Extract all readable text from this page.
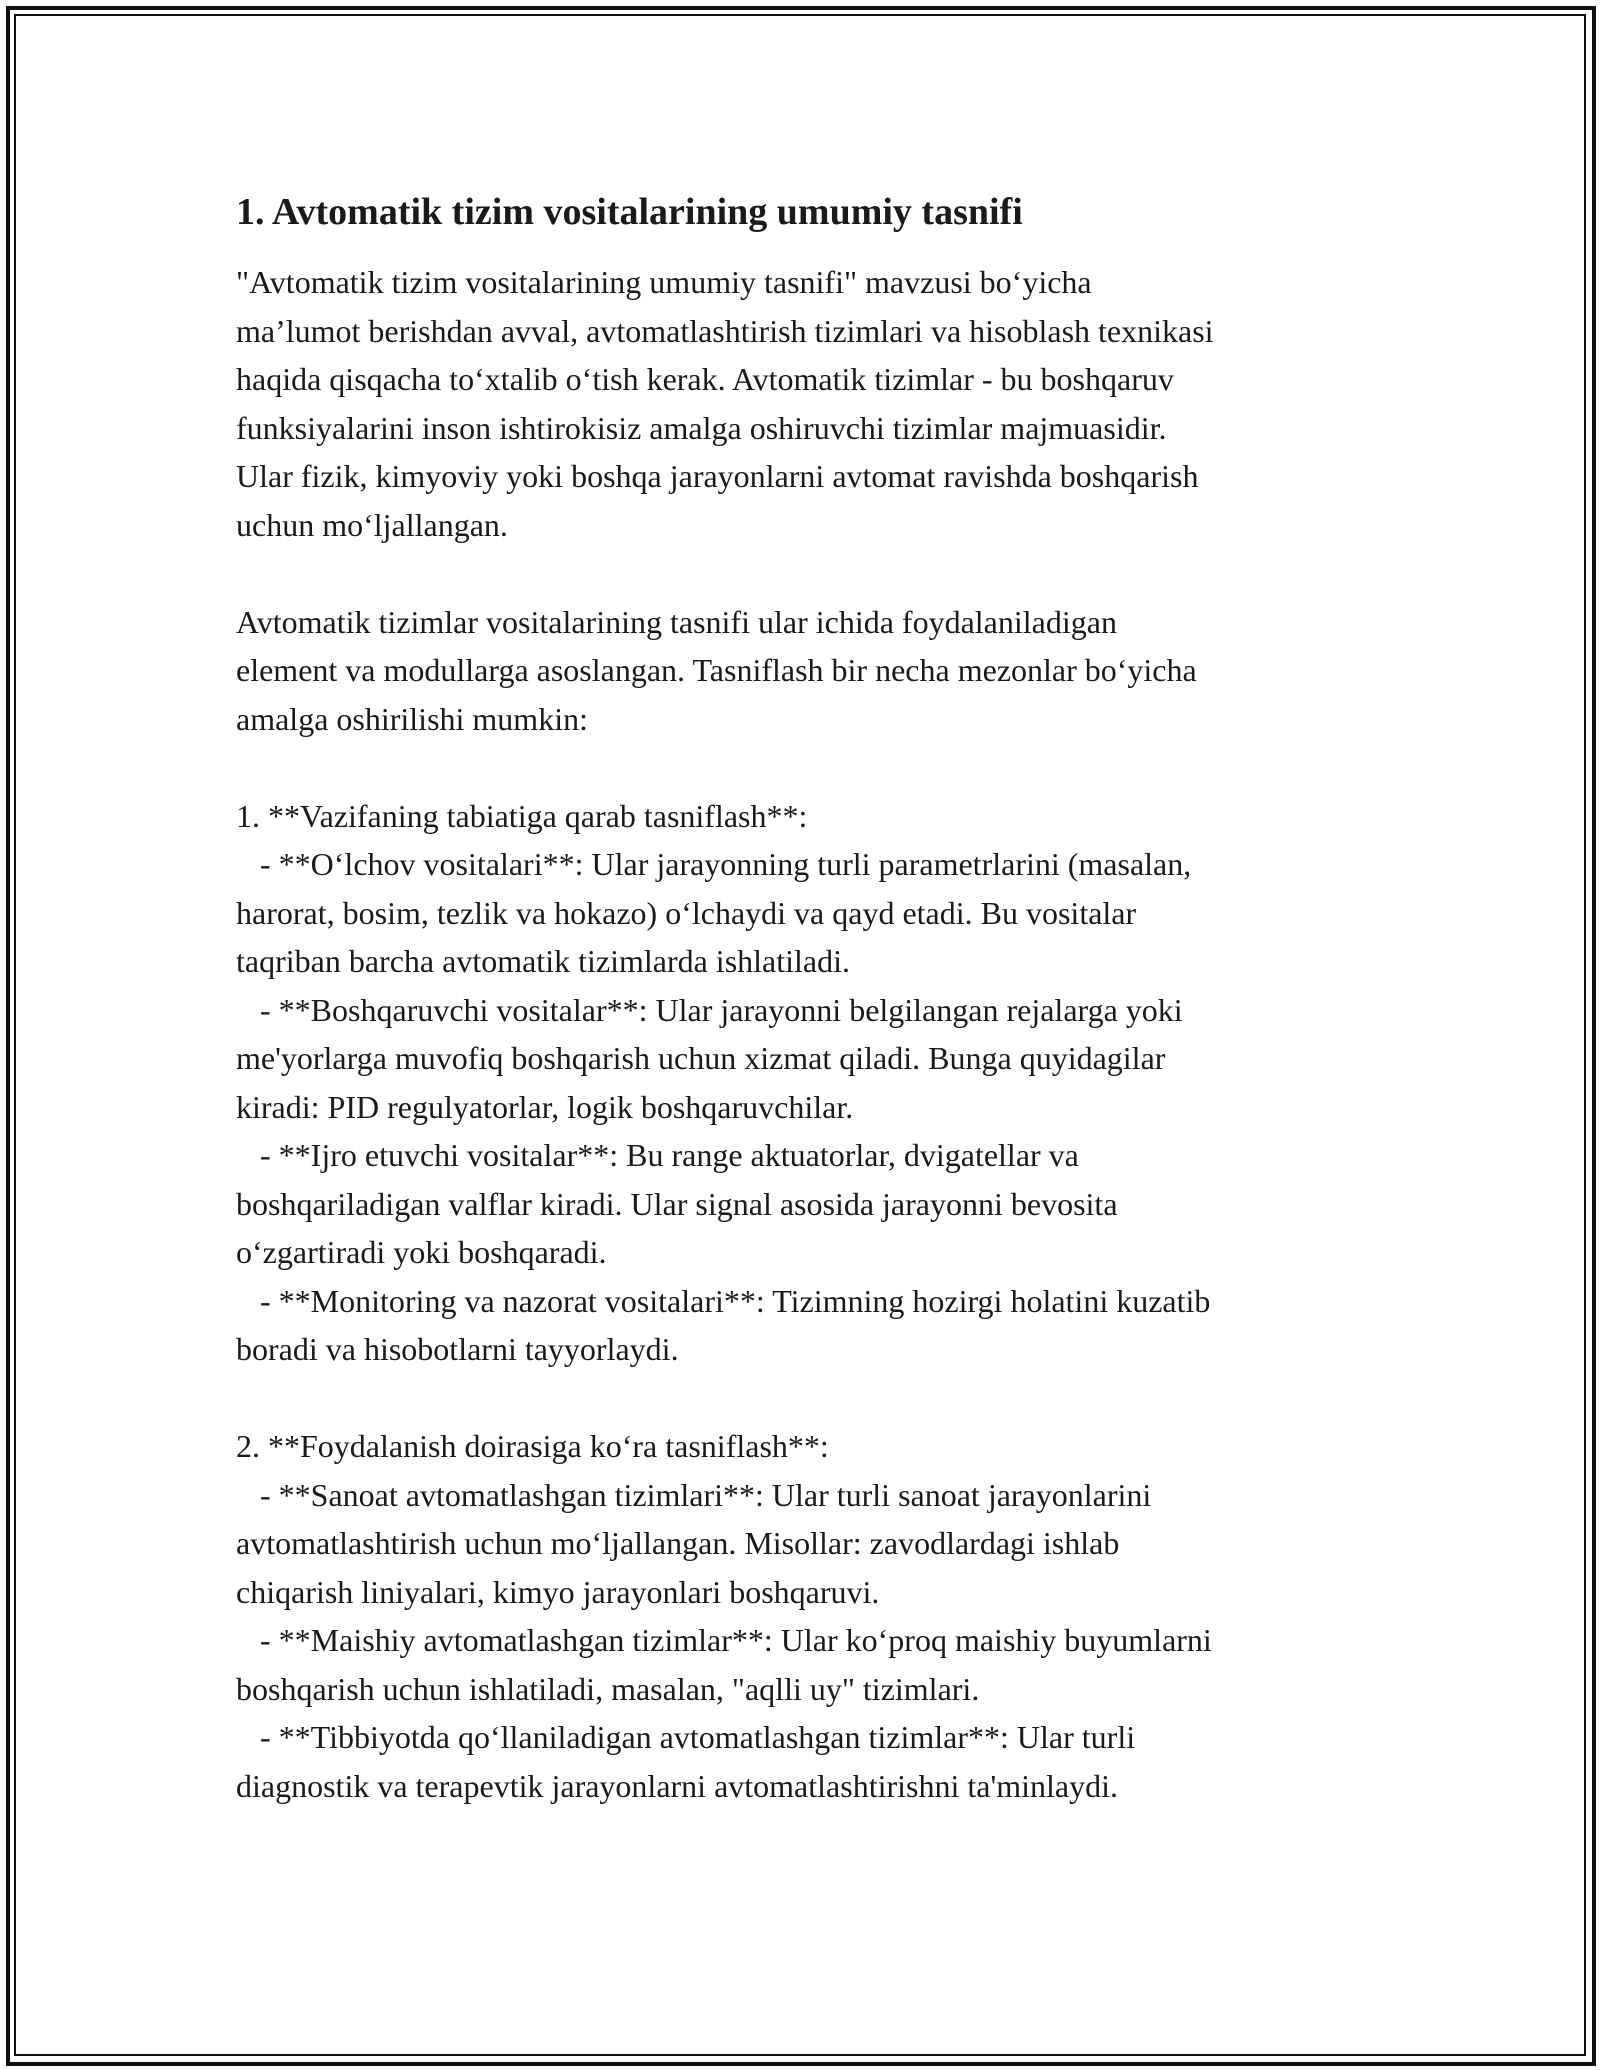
1. Avtomatik tizim vositalarining umumiy tasnifi

"Avtomatik tizim vositalarining umumiy tasnifi" mavzusi bo‘yicha
ma’lumot berishdan avval, avtomatlashtirish tizimlari va hisoblash texnikasi
haqida qisqacha to‘xtalib o‘tish kerak. Avtomatik tizimlar - bu boshqaruv
funksiyalarini inson ishtirokisiz amalga oshiruvchi tizimlar majmuasidir.
Ular fizik, kimyoviy yoki boshqa jarayonlarni avtomat ravishda boshqarish
uchun mo‘ljallangan.

Avtomatik tizimlar vositalarining tasnifi ular ichida foydalaniladigan
element va modullarga asoslangan. Tasniflash bir necha mezonlar bo‘yicha
amalga oshirilishi mumkin:

1. **Vazifaning tabiatiga qarab tasniflash**:
- **O‘lchov vositalari**: Ular jarayonning turli parametrlarini (masalan,
harorat, bosim, tezlik va hokazo) o‘lchaydi va qayd etadi. Bu vositalar
taqriban barcha avtomatik tizimlarda ishlatiladi.
- **Boshqaruvchi vositalar**: Ular jarayonni belgilangan rejalarga yoki
me'yorlarga muvofiq boshqarish uchun xizmat qiladi. Bunga quyidagilar
kiradi: PID regulyatorlar, logik boshqaruvchilar.
- **Ijro etuvchi vositalar**: Bu range aktuatorlar, dvigatellar va
boshqariladigan valflar kiradi. Ular signal asosida jarayonni bevosita
o‘zgartiradi yoki boshqaradi.
- **Monitoring va nazorat vositalari**: Tizimning hozirgi holatini kuzatib
boradi va hisobotlarni tayyorlaydi.

2. **Foydalanish doirasiga ko‘ra tasniflash**:
- **Sanoat avtomatlashgan tizimlari**: Ular turli sanoat jarayonlarini
avtomatlashtirish uchun mo‘ljallangan. Misollar: zavodlardagi ishlab
chiqarish liniyalari, kimyo jarayonlari boshqaruvi.
- **Maishiy avtomatlashgan tizimlar**: Ular ko‘proq maishiy buyumlarni
boshqarish uchun ishlatiladi, masalan, "aqlli uy" tizimlari.
- **Tibbiyotda qo‘llaniladigan avtomatlashgan tizimlar**: Ular turli
diagnostik va terapevtik jarayonlarni avtomatlashtirishni ta'minlaydi.
